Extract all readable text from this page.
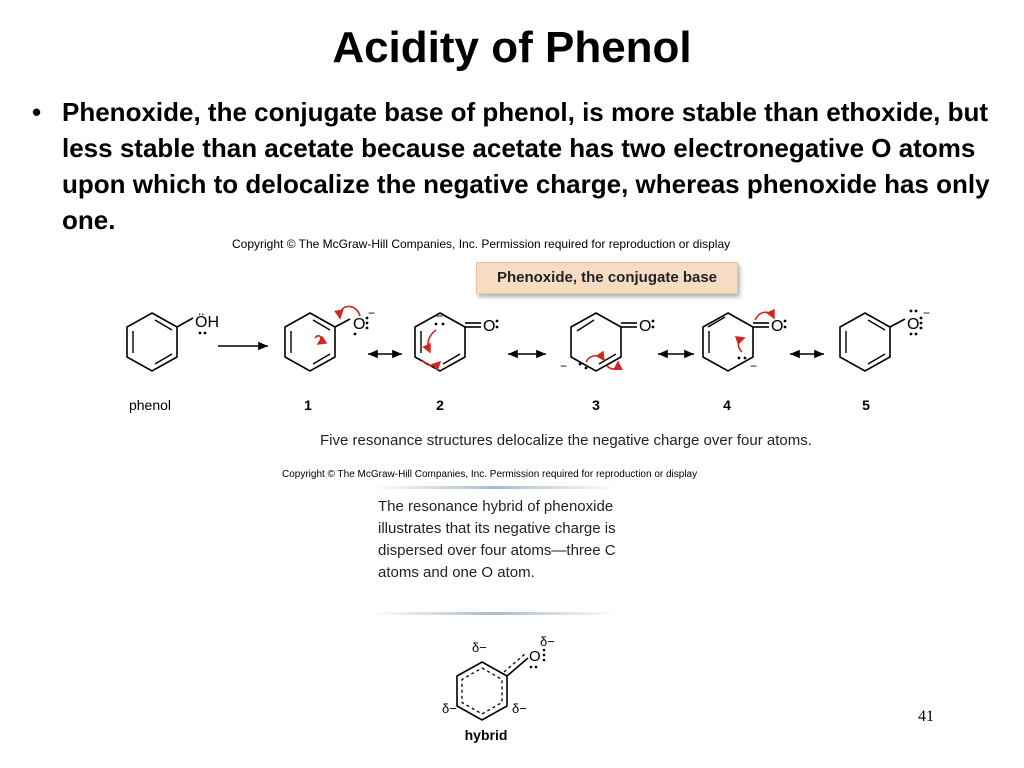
Acidity of Phenol
• Phenoxide, the conjugate base of phenol, is more stable than ethoxide, but less stable than acetate because acetate has two electronegative O atoms upon which to delocalize the negative charge, whereas phenoxide has only one.
Copyright © The McGraw-Hill Companies, Inc. Permission required for reproduction or display
Phenoxide, the conjugate base
ÖH	O
−
O
−
O
−
O
−
O
−
phenol	1	2	3	4	5
Five resonance structures delocalize the negative charge over four atoms.
Copyright © The McGraw-Hill Companies, Inc. Permission required for reproduction or display
The resonance hybrid of phenoxide illustrates that its negative charge is dispersed over four atoms—three C atoms and one O atom.
O
δ−
δ−
δ−	δ−
hybrid
41
